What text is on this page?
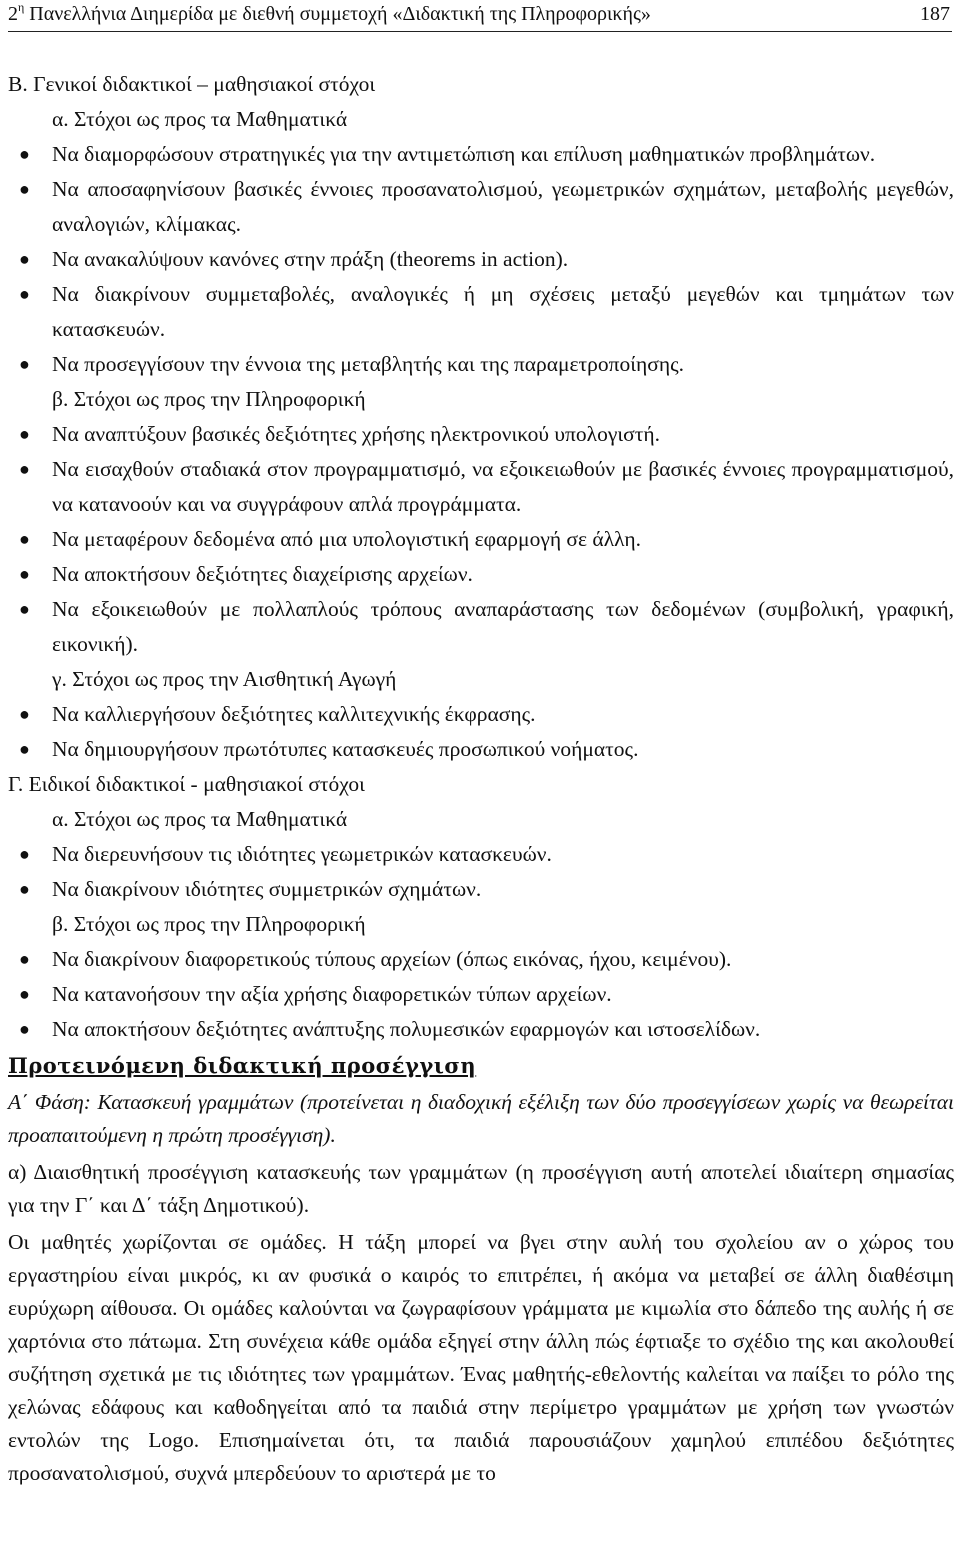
$2^\eta$ Πανελλήνια Διημερίδα με διεθνή συμμετοχή «Διδακτική της Πληροφορικής»	187
Β. Γενικοί διδακτικοί – μαθησιακοί στόχοι
α. Στόχοι ως προς τα Μαθηματικά
● Να διαμορφώσουν στρατηγικές για την αντιμετώπιση και επίλυση μαθηματικών προβλημάτων.
● Να αποσαφηνίσουν βασικές έννοιες προσανατολισμού, γεωμετρικών σχημάτων, μεταβολής μεγεθών, αναλογιών, κλίμακας.
● Να ανακαλύψουν κανόνες στην πράξη (theorems in action).
● Να διακρίνουν συμμεταβολές, αναλογικές ή μη σχέσεις μεταξύ μεγεθών και τμημάτων των κατασκευών.
● Να προσεγγίσουν την έννοια της μεταβλητής και της παραμετροποίησης.
β. Στόχοι ως προς την Πληροφορική
● Να αναπτύξουν βασικές δεξιότητες χρήσης ηλεκτρονικού υπολογιστή.
● Να εισαχθούν σταδιακά στον προγραμματισμό, να εξοικειωθούν με βασικές έννοιες προγραμματισμού, να κατανοούν και να συγγράφουν απλά προγράμματα.
● Να μεταφέρουν δεδομένα από μια υπολογιστική εφαρμογή σε άλλη.
● Να αποκτήσουν δεξιότητες διαχείρισης αρχείων.
● Να εξοικειωθούν με πολλαπλούς τρόπους αναπαράστασης των δεδομένων (συμβολική, γραφική, εικονική).
γ. Στόχοι ως προς την Αισθητική Αγωγή
● Να καλλιεργήσουν δεξιότητες καλλιτεχνικής έκφρασης.
● Να δημιουργήσουν πρωτότυπες κατασκευές προσωπικού νοήματος.
Γ. Ειδικοί διδακτικοί - μαθησιακοί στόχοι
α. Στόχοι ως προς τα Μαθηματικά
● Να διερευνήσουν τις ιδιότητες γεωμετρικών κατασκευών.
● Να διακρίνουν ιδιότητες συμμετρικών σχημάτων.
β. Στόχοι ως προς την Πληροφορική
● Να διακρίνουν διαφορετικούς τύπους αρχείων (όπως εικόνας, ήχου, κειμένου).
● Να κατανοήσουν την αξία χρήσης διαφορετικών τύπων αρχείων.
● Να αποκτήσουν δεξιότητες ανάπτυξης πολυμεσικών εφαρμογών και ιστοσελίδων.
Προτεινόμενη διδακτική προσέγγιση
Α΄ Φάση: Κατασκευή γραμμάτων (προτείνεται η διαδοχική εξέλιξη των δύο προσεγγίσεων χωρίς να θεωρείται προαπαιτούμενη η πρώτη προσέγγιση).
α) Διαισθητική προσέγγιση κατασκευής των γραμμάτων (η προσέγγιση αυτή αποτελεί ιδιαίτερη σημασίας για την Γ΄ και Δ΄ τάξη Δημοτικού).
Οι μαθητές χωρίζονται σε ομάδες. Η τάξη μπορεί να βγει στην αυλή του σχολείου αν ο χώρος του εργαστηρίου είναι μικρός, κι αν φυσικά ο καιρός το επιτρέπει, ή ακόμα να μεταβεί σε άλλη διαθέσιμη ευρύχωρη αίθουσα. Οι ομάδες καλούνται να ζωγραφίσουν γράμματα με κιμωλία στο δάπεδο της αυλής ή σε χαρτόνια στο πάτωμα. Στη συνέχεια κάθε ομάδα εξηγεί στην άλλη πώς έφτιαξε το σχέδιο της και ακολουθεί συζήτηση σχετικά με τις ιδιότητες των γραμμάτων. Ένας μαθητής-εθελοντής καλείται να παίξει το ρόλο της χελώνας εδάφους και καθοδηγείται από τα παιδιά στην περίμετρο γραμμάτων με χρήση των γνωστών εντολών της Logo. Επισημαίνεται ότι, τα παιδιά παρουσιάζουν χαμηλού επιπέδου δεξιότητες προσανατολισμού, συχνά μπερδεύουν το αριστερά με το
